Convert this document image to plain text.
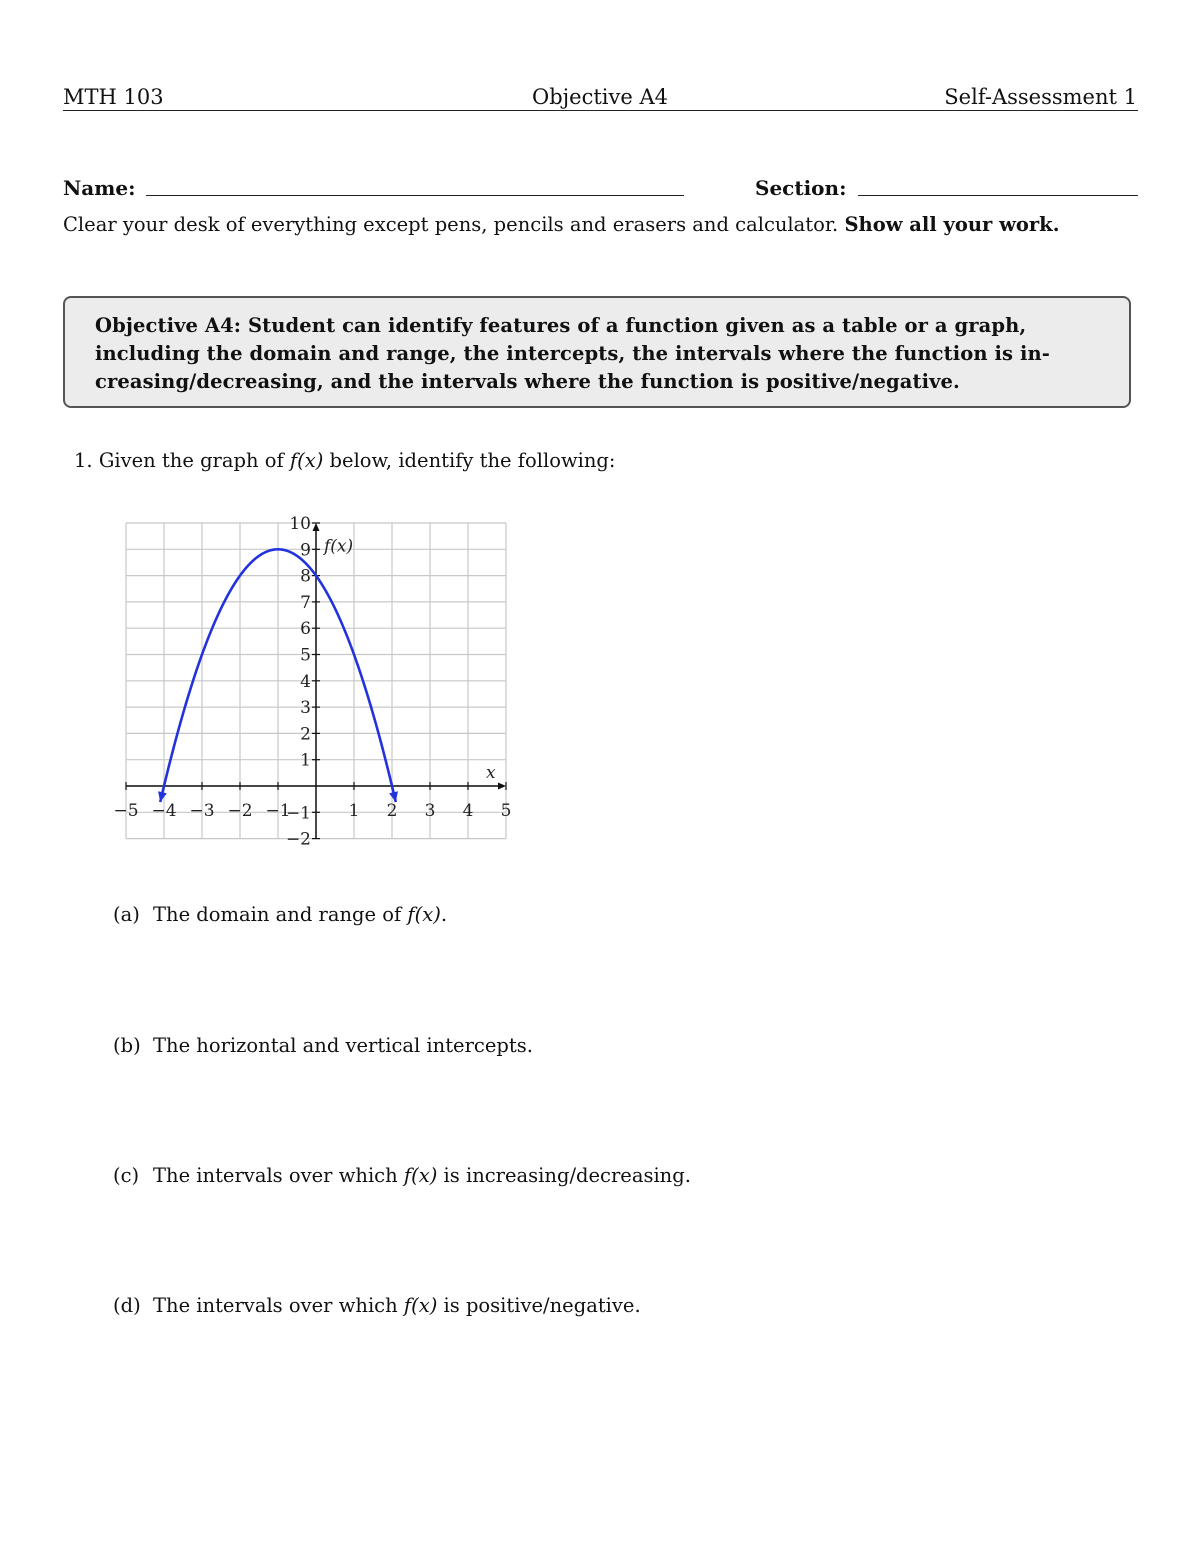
MTH 103	Objective A4	Self-Assessment 1
Name:	Section:
Clear your desk of everything except pens, pencils and erasers and calculator. Show all your work.
Objective A4: Student can identify features of a function given as a table or a graph, including the domain and range, the intercepts, the intervals where the function is in-creasing/decreasing, and the intervals where the function is positive/negative.
1. Given the graph of f(x) below, identify the following:
−5 −4 −3 −2 −1	1 2 3 4 5
10
9
8
7
6
5
4
3
2
1
−1
−2
x
f(x)
(a) The domain and range of f(x).
(b) The horizontal and vertical intercepts.
(c) The intervals over which f(x) is increasing/decreasing.
(d) The intervals over which f(x) is positive/negative.
